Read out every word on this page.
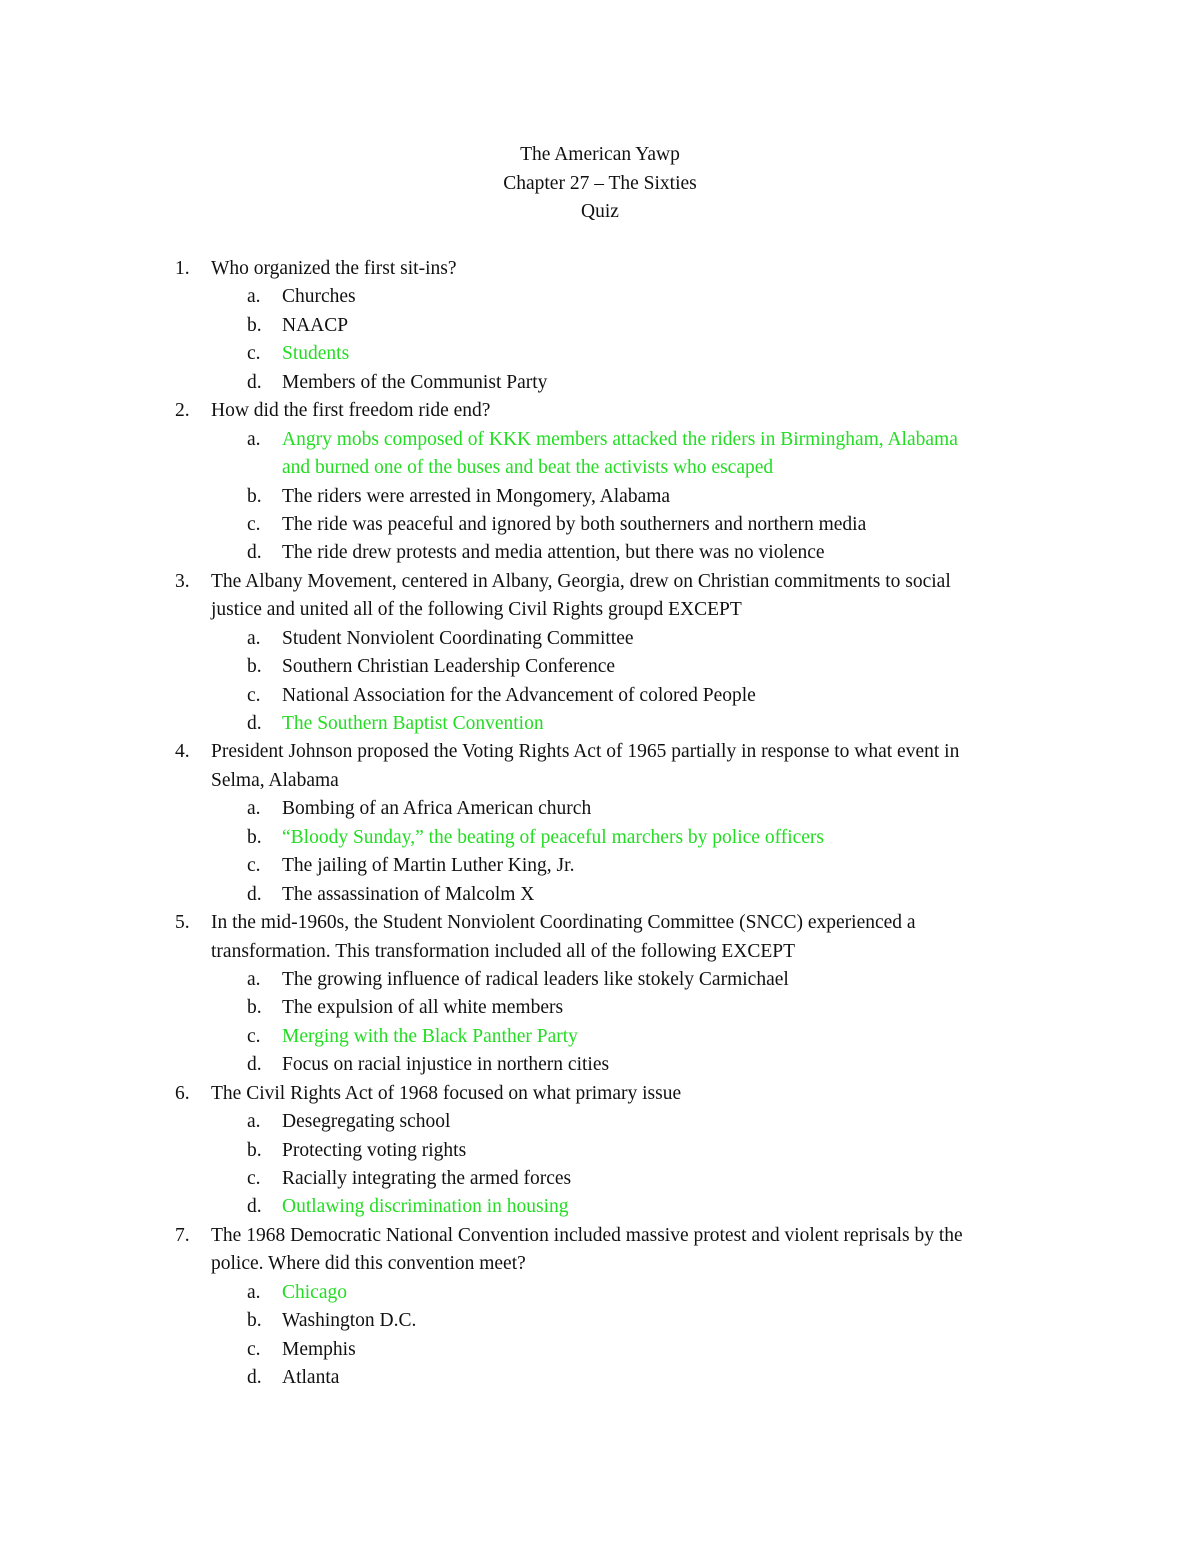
The American Yawp
Chapter 27 – The Sixties
Quiz
1. Who organized the first sit-ins?
a. Churches
b. NAACP
c. Students
d. Members of the Communist Party
2. How did the first freedom ride end?
a. Angry mobs composed of KKK members attacked the riders in Birmingham, Alabama
and burned one of the buses and beat the activists who escaped
b. The riders were arrested in Mongomery, Alabama
c. The ride was peaceful and ignored by both southerners and northern media
d. The ride drew protests and media attention, but there was no violence
3. The Albany Movement, centered in Albany, Georgia, drew on Christian commitments to social
justice and united all of the following Civil Rights groupd EXCEPT
a. Student Nonviolent Coordinating Committee
b. Southern Christian Leadership Conference
c. National Association for the Advancement of colored People
d. The Southern Baptist Convention
4. President Johnson proposed the Voting Rights Act of 1965 partially in response to what event in
Selma, Alabama
a. Bombing of an Africa American church
b. “Bloody Sunday,” the beating of peaceful marchers by police officers
c. The jailing of Martin Luther King, Jr.
d. The assassination of Malcolm X
5. In the mid-1960s, the Student Nonviolent Coordinating Committee (SNCC) experienced a
transformation. This transformation included all of the following EXCEPT
a. The growing influence of radical leaders like stokely Carmichael
b. The expulsion of all white members
c. Merging with the Black Panther Party
d. Focus on racial injustice in northern cities
6. The Civil Rights Act of 1968 focused on what primary issue
a. Desegregating school
b. Protecting voting rights
c. Racially integrating the armed forces
d. Outlawing discrimination in housing
7. The 1968 Democratic National Convention included massive protest and violent reprisals by the
police. Where did this convention meet?
a. Chicago
b. Washington D.C.
c. Memphis
d. Atlanta
